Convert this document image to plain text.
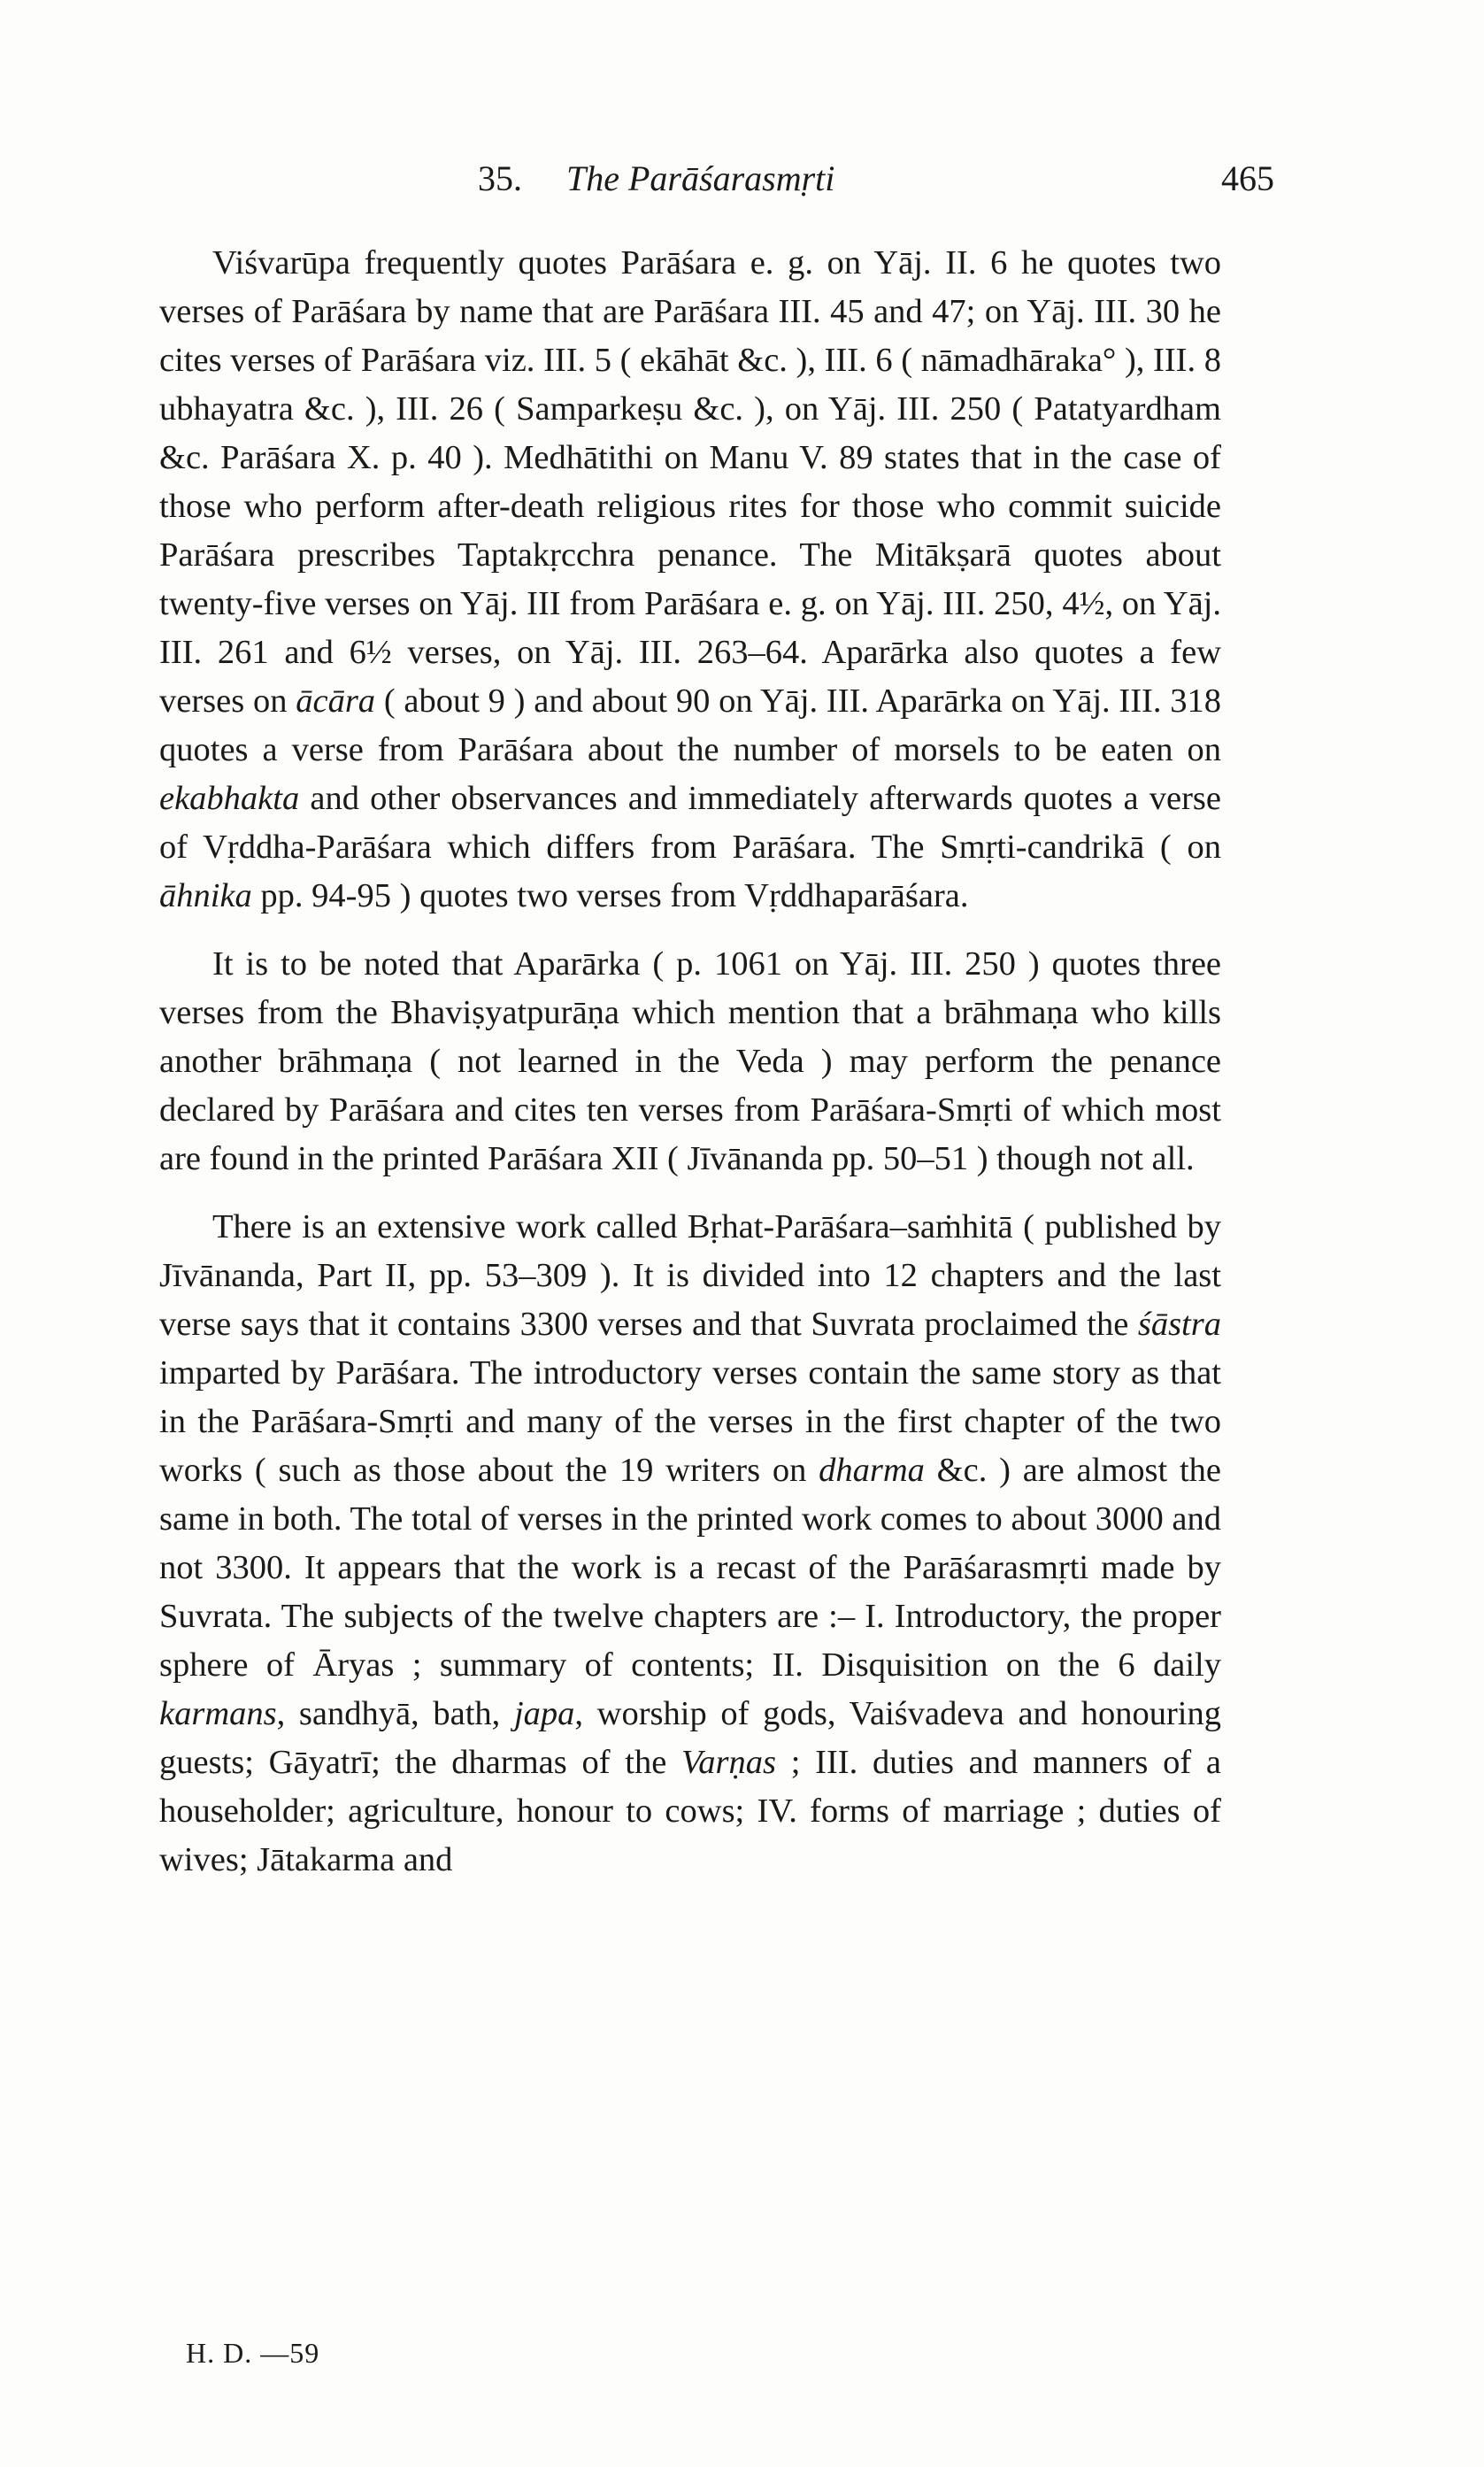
35. The Parāśarasmṛti	465

Viśvarūpa frequently quotes Parāśara e. g. on Yāj. II. 6 he quotes two verses of Parāśara by name that are Parāśara III. 45 and 47; on Yāj. III. 30 he cites verses of Parāśara viz. III. 5 ( ekāhāt &c. ), III. 6 ( nāmadhāraka° ), III. 8 ubhayatra &c. ), III. 26 ( Samparkeṣu &c. ), on Yāj. III. 250 ( Patatyardham &c. Parāśara X. p. 40 ). Medhātithi on Manu V. 89 states that in the case of those who perform after-death religious rites for those who commit suicide Parāśara prescribes Taptakṛcchra penance. The Mitākṣarā quotes about twenty-five verses on Yāj. III from Parāśara e. g. on Yāj. III. 250, 4½, on Yāj. III. 261 and 6½ verses, on Yāj. III. 263–64. Aparārka also quotes a few verses on ācāra ( about 9 ) and about 90 on Yāj. III. Aparārka on Yāj. III. 318 quotes a verse from Parāśara about the number of morsels to be eaten on ekabhakta and other observances and immediately afterwards quotes a verse of Vṛddha-Parāśara which differs from Parāśara. The Smṛti-candrikā ( on āhnika pp. 94-95 ) quotes two verses from Vṛddhaparāśara.

It is to be noted that Aparārka ( p. 1061 on Yāj. III. 250 ) quotes three verses from the Bhaviṣyatpurāṇa which mention that a brāhmaṇa who kills another brāhmaṇa ( not learned in the Veda ) may perform the penance declared by Parāśara and cites ten verses from Parāśara-Smṛti of which most are found in the printed Parāśara XII ( Jīvānanda pp. 50–51 ) though not all.

There is an extensive work called Bṛhat-Parāśara–saṁhitā ( published by Jīvānanda, Part II, pp. 53–309 ). It is divided into 12 chapters and the last verse says that it contains 3300 verses and that Suvrata proclaimed the śāstra imparted by Parāśara. The introductory verses contain the same story as that in the Parāśara-Smṛti and many of the verses in the first chapter of the two works ( such as those about the 19 writers on dharma &c. ) are almost the same in both. The total of verses in the printed work comes to about 3000 and not 3300. It appears that the work is a recast of the Parāśarasmṛti made by Suvrata. The subjects of the twelve chapters are :– I. Introductory, the proper sphere of Āryas ; summary of contents; II. Disquisition on the 6 daily karmans, sandhyā, bath, japa, worship of gods, Vaiśvadeva and honouring guests; Gāyatrī; the dharmas of the Varṇas ; III. duties and manners of a householder; agriculture, honour to cows; IV. forms of marriage ; duties of wives; Jātakarma and

H. D. —59
